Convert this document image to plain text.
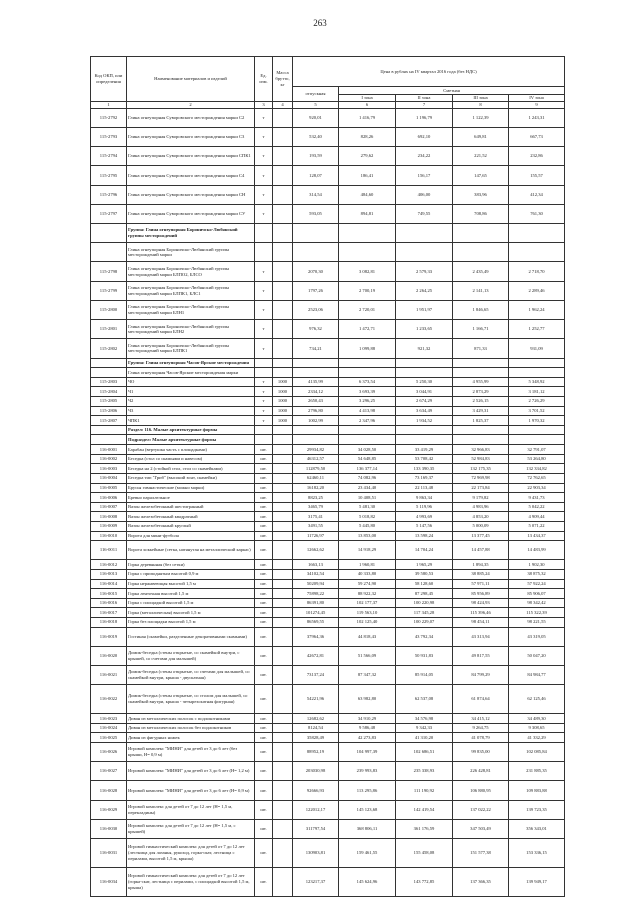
263
Код ОКП, или определения	Наименование материалов и изделий	Ед. изм.	Масса брутто, кг	Цена в рублях на IV квартал 2016 года (без НДС)				
				отпускная	Сметная			
					I зона	II зона	III зона	IV зона
1	2	3	4	5	6	7	8	9
115-2792	Глина огнеупорная Суворовского месторождения марки С2	т		920,01	1 416,79	1 196,79	1 122,39	1 243,31
115-2793	Глина огнеупорная Суворовского месторождения марки С3	т		532,40	828,26	692,10	649,81	667,73
115-2794	Глина огнеупорная Суворовского месторождения марки СПК1	т		193,59	279,62	234,22	221,52	232,86
115-2795	Глина огнеупорная Суворовского месторождения марки С4	т		128,07	186,41	156,17	147,65	155,57
115-2796	Глина огнеупорная Суворовского месторождения марки СН	т		314,54	484,60	406,00	383,96	412,34
115-2797	Глина огнеупорная Суворовского месторождения марки СУ	т		593,05	894,81	749,55	708,86	761,30
	Группа: Глина огнеупорная Бороничско-Любянский группы месторождений							
	Глина огнеупорная Бороничско-Любянский группы месторождений марки							
115-2798	Глина огнеупорная Бороничско-Любянский группы месторождений марки БЛПО2, БЛСО	т		2070,30	3 082,81	2 579,33	2 435,49	2 718,70
115-2799	Глина огнеупорная Бороничско-Любянский группы месторождений марки БЛПК1, БЛС1	т		1797,26	2 700,19	2 264,25	2 141,13	2 289,46
115-2800	Глина огнеупорная Бороничско-Любянский группы месторождений марки БЛН1	т		2523,06	2 720,01	1 951,97	1 846,65	1 962,24
115-2801	Глина огнеупорная Бороничско-Любянский группы месторождений марки БЛН2	т		976,32	1 472,71	1 233,65	1 166,71	1 252,77
115-2802	Глина огнеупорная Бороничско-Любянский группы месторождений марки БЛПК1	т		734,21	1 099,88	921,32	871,33	931,09
	Группа: Глина огнеупорная Часов-Ярские месторождения							
	Глина огнеупорная Часов-Ярские месторождения марки							
115-2803	ЧО	т	1000	4135,99	6 373,54	5 250,30	4 955,99	5 348,92
115-2804	Ч1	т	1000	2334,12	3 693,39	3 044,91	2 873,29	3 181,12
115-2805	Ч2	т	1000	2650,43	3 296,25	2 674,29	2 526,15	2 726,29
115-2806	Ч3	т	1000	2796,80	4 413,98	3 634,49	3 429,31	3 701,52
115-2807	ЧПК1	т	1000	1002,99	2 347,96	1 934,52	1 825,37	1 970,32
	Раздел: 116. Малые архитектурные формы							
	Подраздел: Малые архитектурные формы							
116-0001	Барабан (вертушка часть с площадками)	шт.		29934,82	34 028,50	33 419,29	32 966,83	32 791,07
116-0002	Беседка (стол со скамьями и навесом)	шт.		46312,57	54 648,85	53 708,42	52 984,83	53 264,80
116-0003	Беседка на 2 (стойкой стол, стол со скамейками)	шт.		112879,50	136 377,14	133 390,35	132 175,35	132 334,82
116-0004	Беседка тип "Гриб" (высокий зонт, скамейки)	шт.		62460,11	74 082,96	73 169,37	72 969,98	72 762,65
116-0005	Брусья гимнастические (можно марки)	шт.		16182,20	23 434,40	22 113,48	22 173,84	22 903,34
116-0006	Бревно параллельное	шт.		8823,25	10 408,51	9 863,34	9 179,82	9 431,73
116-0007	Вазон железобетонный шестигранный	шт.		3465,79	5 481,30	5 119,96	4 983,96	5 042,22
116-0008	Вазон железобетонный квадратный	шт.		3175,41	5 018,82	4 993,69	4 853,20	4 909,44
116-0009	Вазон железобетонный круглый	шт.		3491,55	5 445,80	5 147,56	5 000,09	5 071,22
116-0010	Ворота для мини-футбола	шт.		11726,97	13 853,00	13 598,24	13 377,45	13 434,37
116-0011	Ворота хоккейные (сетка, натянутая на металлический каркас)	шт.		12662,62	14 918,29	14 704,24	14 457,88	14 483,99
116-0012	Горка деревянная (без сетки)	шт.		1663,13	1 960,81	1 965,29	1 894,35	1 902,30
116-0013	Горка с приподнятым высотой 0,9 м	шт.		34102,54	40 333,80	39 580,53	38 885,24	38 875,32
116-0014	Горка нержавеющая высотой 1,5 м	шт.		50209,94	59 274,90	58 128,60	57 971,11	57 922,24
116-0015	Горка ленточная высотой 1,5 м	шт.		75898,22	88 922,32	87 298,45	85 956,89	85 906,07
116-0016	Горка с площадкой высотой 1,5 м	шт.		86391,80	102 177,37	100 220,98	98 424,93	98 342,42
116-0017	Горка (металлическая) высотой 1,5 м	шт.		101274,45	119 563,10	117 345,28	115 396,46	115 322,39
116-0018	Горка без площадки высотой 1,5 м	шт.		86569,55	102 125,40	100 229,07	98 454,11	98 221,55
116-0019	Гостиная (скамейки, разделенные декоративными скамьями)	шт.		37964,36	44 818,43	43 792,34	43 313,94	43 319,05
116-0020	Домик-беседка (стены открытые, со скамейкой внутри, с крышей, со счетами для малышей)	шт.		42672,81	51 566,09	50 931,83	49 817,55	50 047,20
116-0021	Домик-беседка (стены открытые, со счетами для малышей, со скамейкой внутри, крыша - двускатная)	шт.		73137,24	87 347,32	85 914,05	84 799,29	84 984,77
116-0022	Домик-беседка (стены открытые, со столом для малышей, со скамейкой внутри, крыша - четырехскатная фигурная)	шт.		54221,96	63 982,80	62 537,08	61 874,64	62 125,46
116-0023	Диван из металлических полосок с подлокотниками	шт.		12682,62	34 910,29	34 576,98	34 415,12	34 489,30
116-0024	Диван из металлических полосок без подлокотников	шт.		8124,54	9 586,48	9 342,33	9 264,75	9 308,65
116-0025	Диван из фигурных ножек	шт.		35828,49	42 273,83	41 310,20	41 078,79	41 332,29
116-0026	Игровой комплекс "МИНИ" для детей от 3 до 6 лет (без крыши, Н= 0,9 м)	шт.		88952,19	104 997,39	102 686,51	99 835,00	102 085,84
116-0027	Игровой комплекс "МИНИ" для детей от 3 до 6 лет (Н= 1,2 м)	шт.		203030,98	239 993,83	235 338,93	226 428,81	231 885,35
116-0028	Игровой комплекс "МИНИ" для детей от 3 до 6 лет (Н= 0,9 м)	шт.		92666,93	113 295,86	111 190,92	106 880,95	109 883,88
116-0029	Игровой комплекс для детей от 7 до 12 лет (Н= 1,5 м, перекладины)	шт.		122012,17	145 123,68	142 419,54	137 022,22	139 723,35
116-0030	Игровой комплекс для детей от 7 до 12 лет (Н= 1,5 м, с крышей)	шт.		311797,54	368 806,11	361 176,59	347 503,49	356 343,01
116-0031	Игровой гимнастический комплекс для детей от 7 до 12 лет (лестница для лазанья, рукоход, горка-скат, лестница с перилами, высотой 1,5 м, крыша)	шт.		130903,81	159 461,55	155 458,08	151 577,38	153 336,15
116-0034	Игровой гимнастический комплекс для детей от 7 до 12 лет (горка-скат, лестница с перилами, с площадкой высотой 1,5 м, крыша)	шт.		123217,37	145 624,96	143 772,85	137 366,35	139 949,17
